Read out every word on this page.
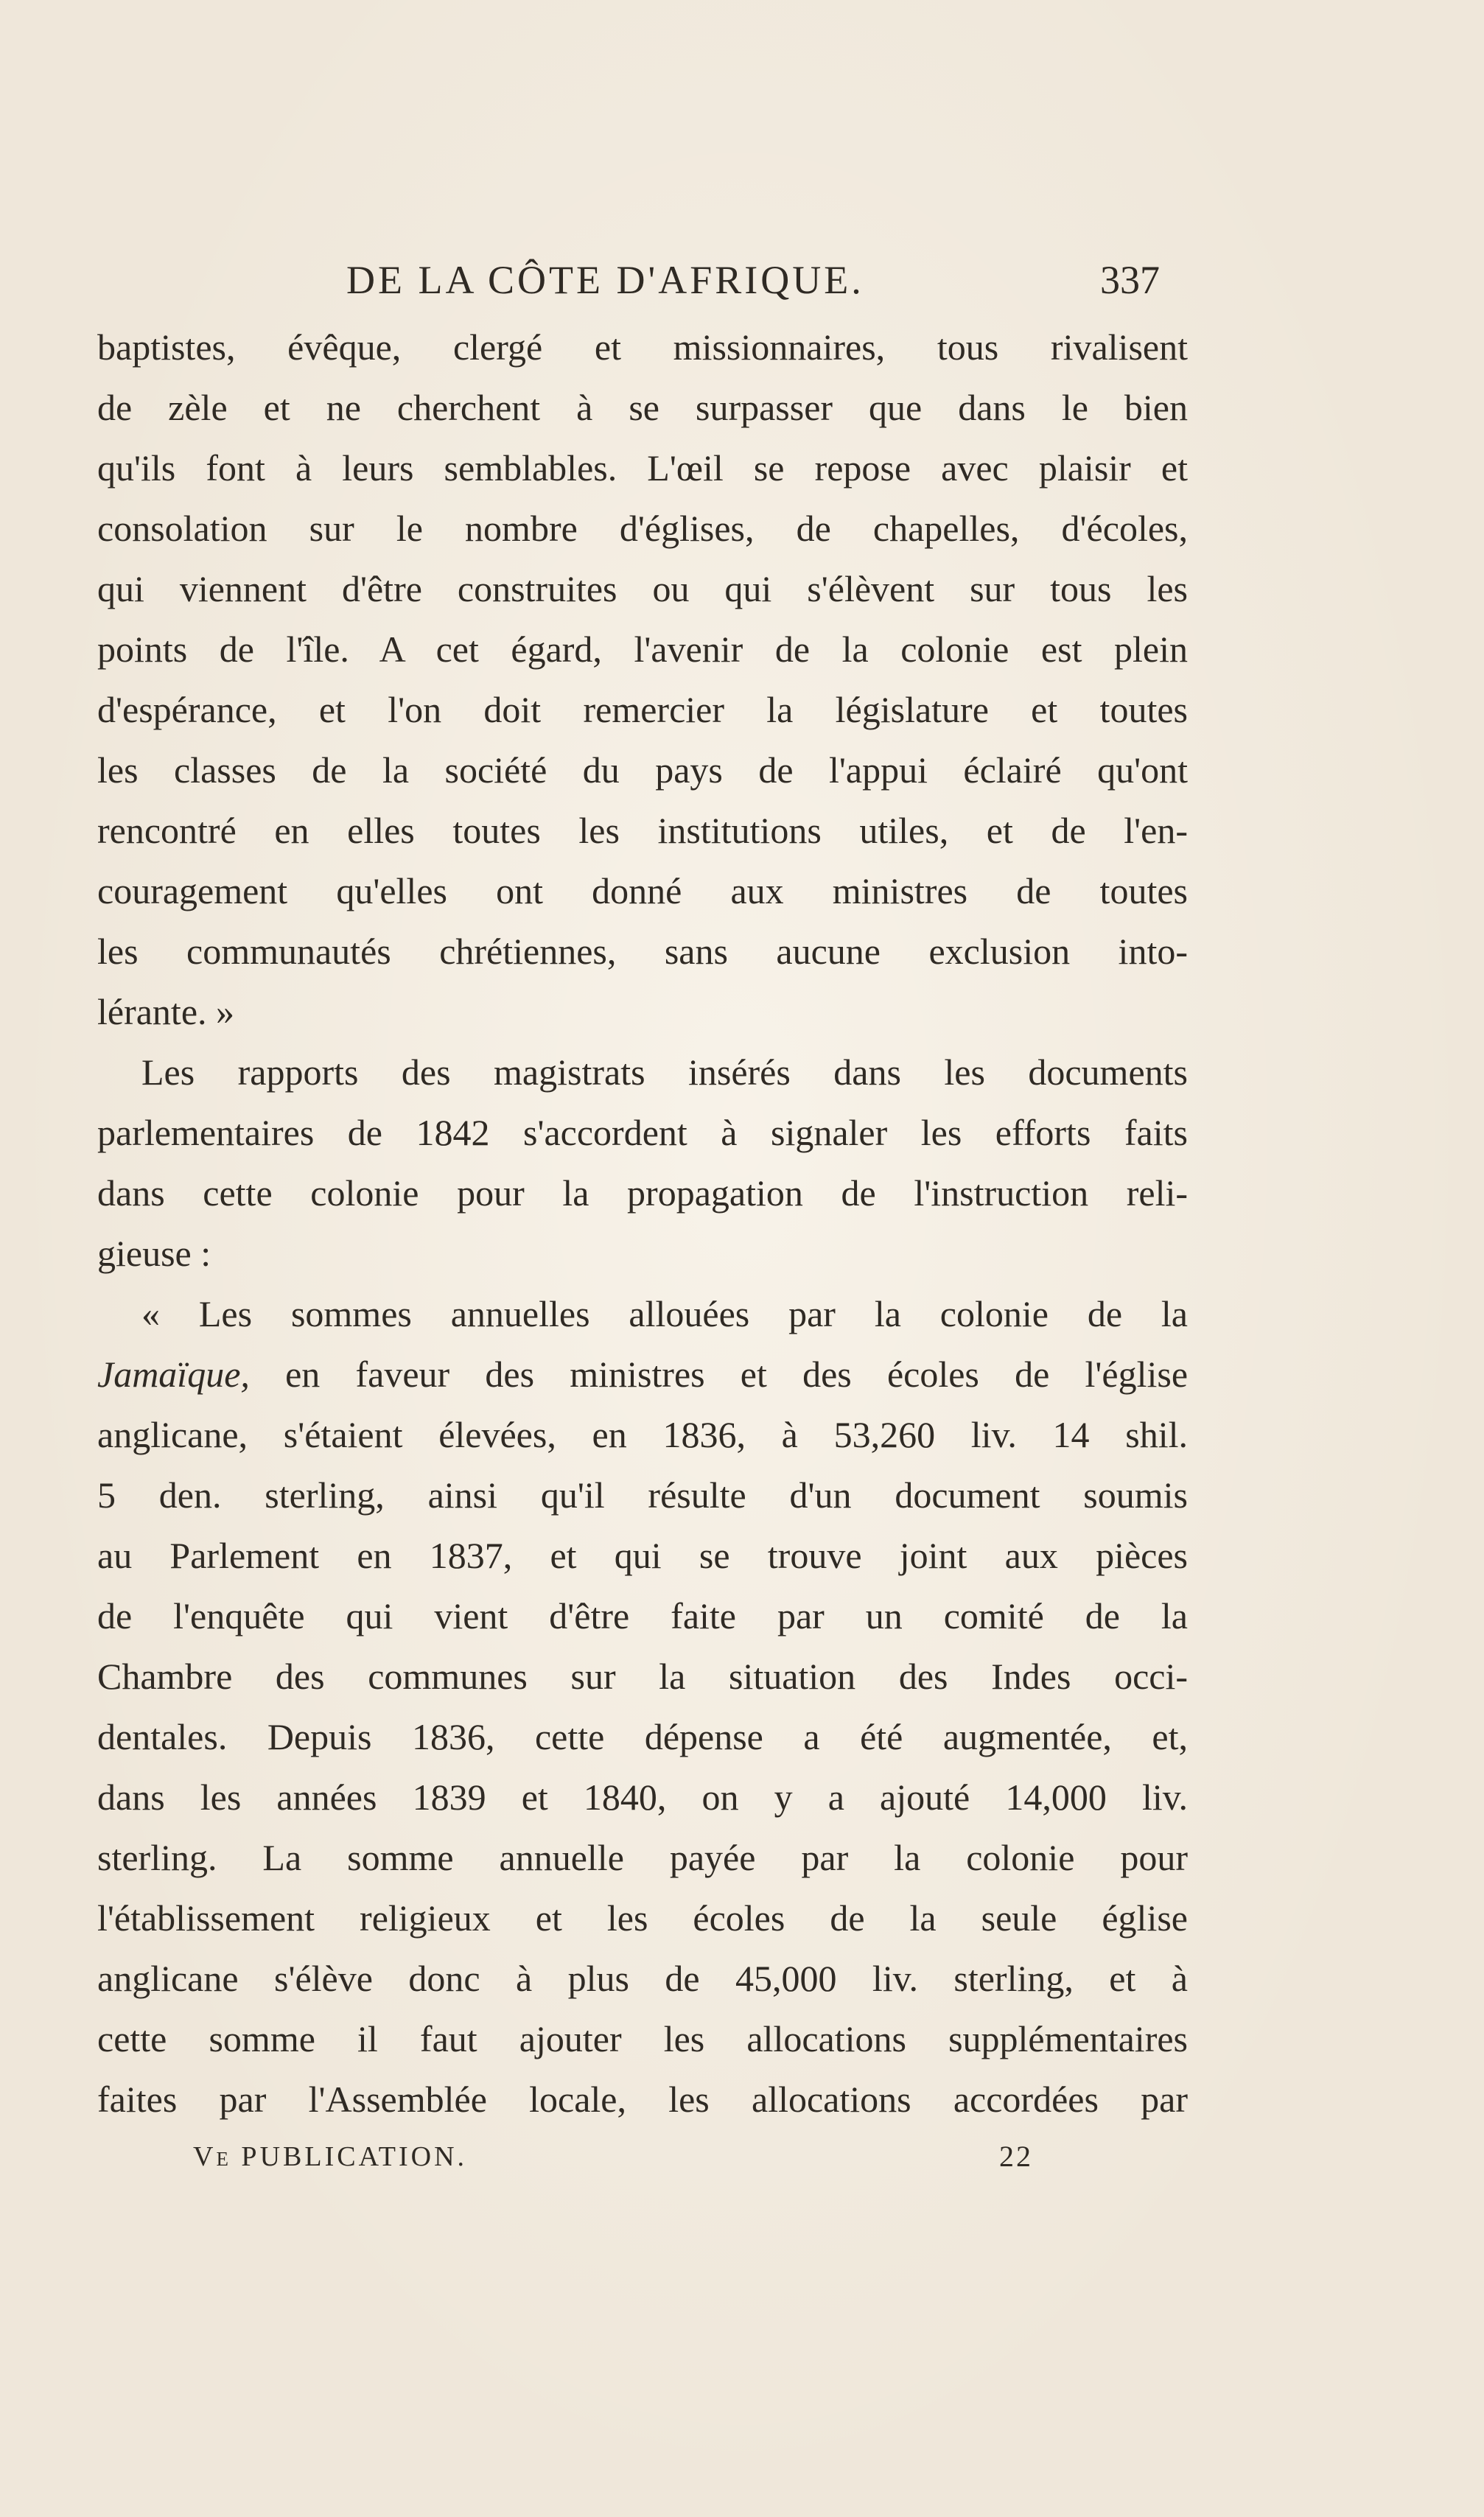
DE LA CÔTE D'AFRIQUE.	337
baptistes, évêque, clergé et missionnaires, tous rivalisent
de zèle et ne cherchent à se surpasser que dans le bien
qu'ils font à leurs semblables. L'œil se repose avec plaisir et
consolation sur le nombre d'églises, de chapelles, d'écoles,
qui viennent d'être construites ou qui s'élèvent sur tous les
points de l'île. A cet égard, l'avenir de la colonie est plein
d'espérance, et l'on doit remercier la législature et toutes
les classes de la société du pays de l'appui éclairé qu'ont
rencontré en elles toutes les institutions utiles, et de l'en-
couragement qu'elles ont donné aux ministres de toutes
les communautés chrétiennes, sans aucune exclusion into-
lérante. »
Les rapports des magistrats insérés dans les documents
parlementaires de 1842 s'accordent à signaler les efforts faits
dans cette colonie pour la propagation de l'instruction reli-
gieuse :
« Les sommes annuelles allouées par la colonie de la
Jamaïque, en faveur des ministres et des écoles de l'église
anglicane, s'étaient élevées, en 1836, à 53,260 liv. 14 shil.
5 den. sterling, ainsi qu'il résulte d'un document soumis
au Parlement en 1837, et qui se trouve joint aux pièces
de l'enquête qui vient d'être faite par un comité de la
Chambre des communes sur la situation des Indes occi-
dentales. Depuis 1836, cette dépense a été augmentée, et,
dans les années 1839 et 1840, on y a ajouté 14,000 liv.
sterling. La somme annuelle payée par la colonie pour
l'établissement religieux et les écoles de la seule église
anglicane s'élève donc à plus de 45,000 liv. sterling, et à
cette somme il faut ajouter les allocations supplémentaires
faites par l'Assemblée locale, les allocations accordées par
Ve PUBLICATION.	22
